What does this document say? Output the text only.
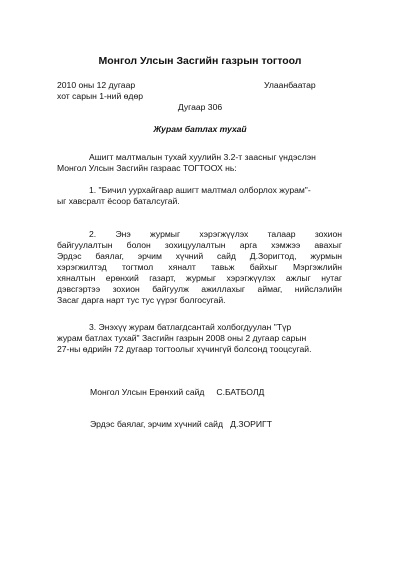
Монгол Улсын Засгийн газрын тогтоол
2010 оны 12 дугаар	Улаанбаатар
хот сарын 1-ний өдөр
Дугаар 306
Журам батлах тухай
Ашигт малтмалын тухай хуулийн 3.2-т заасныг үндэслэн
Монгол Улсын Засгийн газраас ТОГТООХ нь:
1. "Бичил уурхайгаар ашигт малтмал олборлох журам"-
ыг хавсралт ёсоор баталсугай.
2. Энэ журмыг хэрэгжүүлэх талаар зохион
байгуулалтын болон зохицуулалтын арга хэмжээ авахыг
Эрдэс баялаг, эрчим хүчний сайд Д.Зоригтод, журмын
хэрэгжилтэд тогтмол хяналт тавьж байхыг Мэргэжлийн
хяналтын ерөнхий газарт, журмыг хэрэгжүүлэх ажлыг нутаг
дэвсгэртээ зохион байгуулж ажиллахыг аймаг, нийслэлийн
Засаг дарга нарт тус тус үүрэг болгосугай.
3. Энэхүү журам батлагдсантай холбогдуулан "Түр
журам батлах тухай" Засгийн газрын 2008 оны 2 дугаар сарын
27-ны өдрийн 72 дугаар тогтоолыг хүчингүй болсонд тооцсугай.
Монгол Улсын Ерөнхий сайд     С.БАТБОЛД
Эрдэс баялаг, эрчим хүчний сайд   Д.ЗОРИГТ
